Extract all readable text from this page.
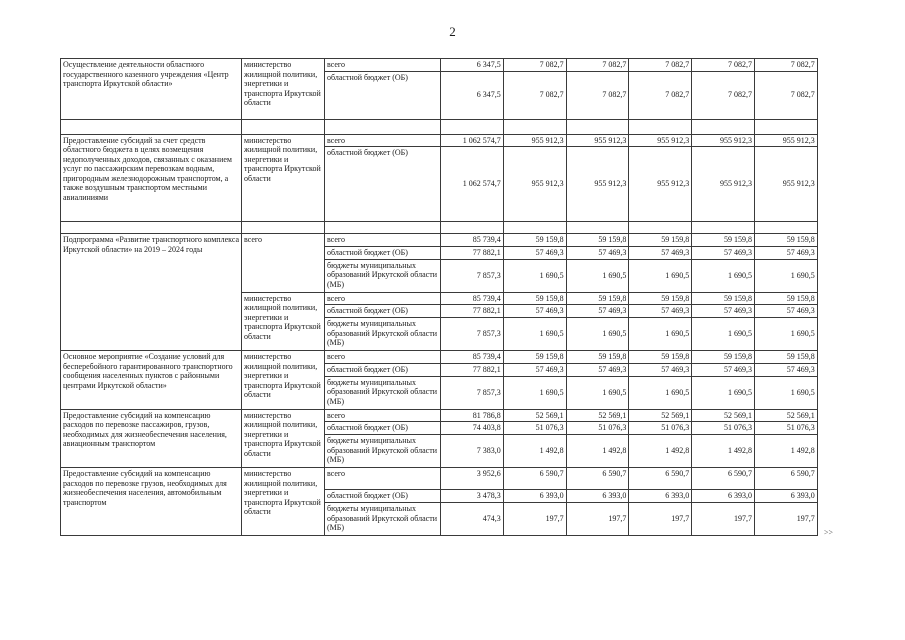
2
Осуществление деятельности областного государственного казенного учреждения «Центр транспорта Иркутской области»	министерство жилищной политики, энергетики и транспорта Иркутской области	всего	6 347,5	7 082,7	7 082,7	7 082,7	7 082,7	7 082,7
		областной бюджет (ОБ)	6 347,5	7 082,7	7 082,7	7 082,7	7 082,7	7 082,7

Предоставление субсидий за счет средств областного бюджета в целях возмещения недополученных доходов, связанных с оказанием услуг по пассажирским перевозкам водным, пригородным железнодорожным транспортом, а также воздушным транспортом местными авиалиниями	министерство жилищной политики, энергетики и транспорта Иркутской области	всего	1 062 574,7	955 912,3	955 912,3	955 912,3	955 912,3	955 912,3
		областной бюджет (ОБ)	1 062 574,7	955 912,3	955 912,3	955 912,3	955 912,3	955 912,3

Подпрограмма «Развитие транспортного комплекса Иркутской области» на 2019 – 2024 годы	всего	всего	85 739,4	59 159,8	59 159,8	59 159,8	59 159,8	59 159,8
		областной бюджет (ОБ)	77 882,1	57 469,3	57 469,3	57 469,3	57 469,3	57 469,3
		бюджеты муниципальных образований Иркутской области (МБ)	7 857,3	1 690,5	1 690,5	1 690,5	1 690,5	1 690,5
	министерство жилищной политики, энергетики и транспорта Иркутской области	всего	85 739,4	59 159,8	59 159,8	59 159,8	59 159,8	59 159,8
		областной бюджет (ОБ)	77 882,1	57 469,3	57 469,3	57 469,3	57 469,3	57 469,3
		бюджеты муниципальных образований Иркутской области (МБ)	7 857,3	1 690,5	1 690,5	1 690,5	1 690,5	1 690,5
Основное мероприятие «Создание условий для бесперебойного гарантированного транспортного сообщения населенных пунктов с районными центрами Иркутской области»	министерство жилищной политики, энергетики и транспорта Иркутской области	всего	85 739,4	59 159,8	59 159,8	59 159,8	59 159,8	59 159,8
		областной бюджет (ОБ)	77 882,1	57 469,3	57 469,3	57 469,3	57 469,3	57 469,3
		бюджеты муниципальных образований Иркутской области (МБ)	7 857,3	1 690,5	1 690,5	1 690,5	1 690,5	1 690,5
Предоставление субсидий на компенсацию расходов по перевозке пассажиров, грузов, необходимых для жизнеобеспечения населения, авиационным транспортом	министерство жилищной политики, энергетики и транспорта Иркутской области	всего	81 786,8	52 569,1	52 569,1	52 569,1	52 569,1	52 569,1
		областной бюджет (ОБ)	74 403,8	51 076,3	51 076,3	51 076,3	51 076,3	51 076,3
		бюджеты муниципальных образований Иркутской области (МБ)	7 383,0	1 492,8	1 492,8	1 492,8	1 492,8	1 492,8
Предоставление субсидий на компенсацию расходов по перевозке грузов, необходимых для жизнеобеспечения населения, автомобильным транспортом	министерство жилищной политики, энергетики и транспорта Иркутской области	всего	3 952,6	6 590,7	6 590,7	6 590,7	6 590,7	6 590,7
		областной бюджет (ОБ)	3 478,3	6 393,0	6 393,0	6 393,0	6 393,0	6 393,0
		бюджеты муниципальных образований Иркутской области (МБ)	474,3	197,7	197,7	197,7	197,7	197,7
>>
